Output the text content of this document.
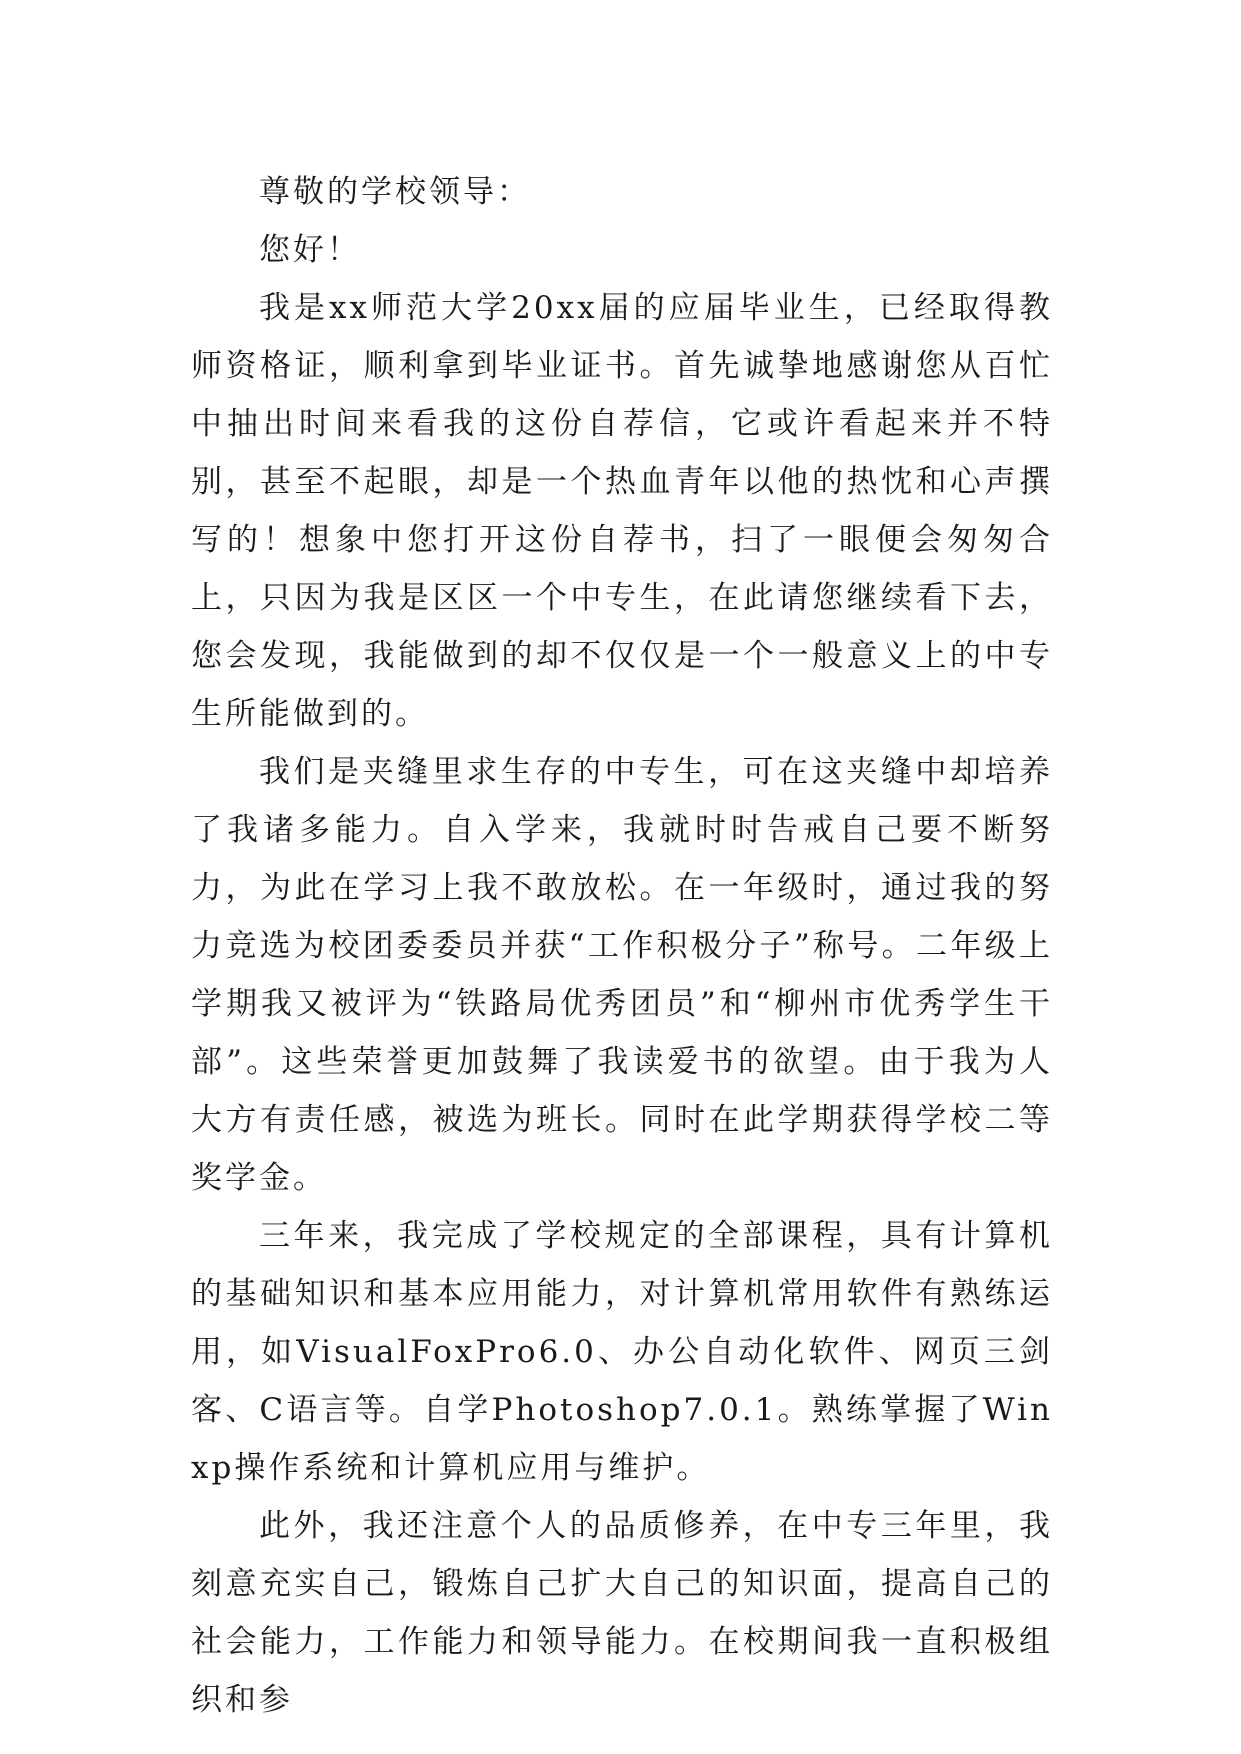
尊敬的学校领导：

您好！

我是xx师范大学20xx届的应届毕业生，已经取得教师资格证，顺利拿到毕业证书。首先诚挚地感谢您从百忙中抽出时间来看我的这份自荐信，它或许看起来并不特别，甚至不起眼，却是一个热血青年以他的热忱和心声撰写的！想象中您打开这份自荐书，扫了一眼便会匆匆合上，只因为我是区区一个中专生，在此请您继续看下去，您会发现，我能做到的却不仅仅是一个一般意义上的中专生所能做到的。

我们是夹缝里求生存的中专生，可在这夹缝中却培养了我诸多能力。自入学来，我就时时告戒自己要不断努力，为此在学习上我不敢放松。在一年级时，通过我的努力竞选为校团委委员并获“工作积极分子”称号。二年级上学期我又被评为“铁路局优秀团员”和“柳州市优秀学生干部”。这些荣誉更加鼓舞了我读爱书的欲望。由于我为人大方有责任感，被选为班长。同时在此学期获得学校二等奖学金。

三年来，我完成了学校规定的全部课程，具有计算机的基础知识和基本应用能力，对计算机常用软件有熟练运用，如VisualFoxPro6.0、办公自动化软件、网页三剑客、C语言等。自学Photoshop7.0.1。熟练掌握了Winxp操作系统和计算机应用与维护。

此外，我还注意个人的品质修养，在中专三年里，我刻意充实自己，锻炼自己扩大自己的知识面，提高自己的社会能力，工作能力和领导能力。在校期间我一直积极组织和参
